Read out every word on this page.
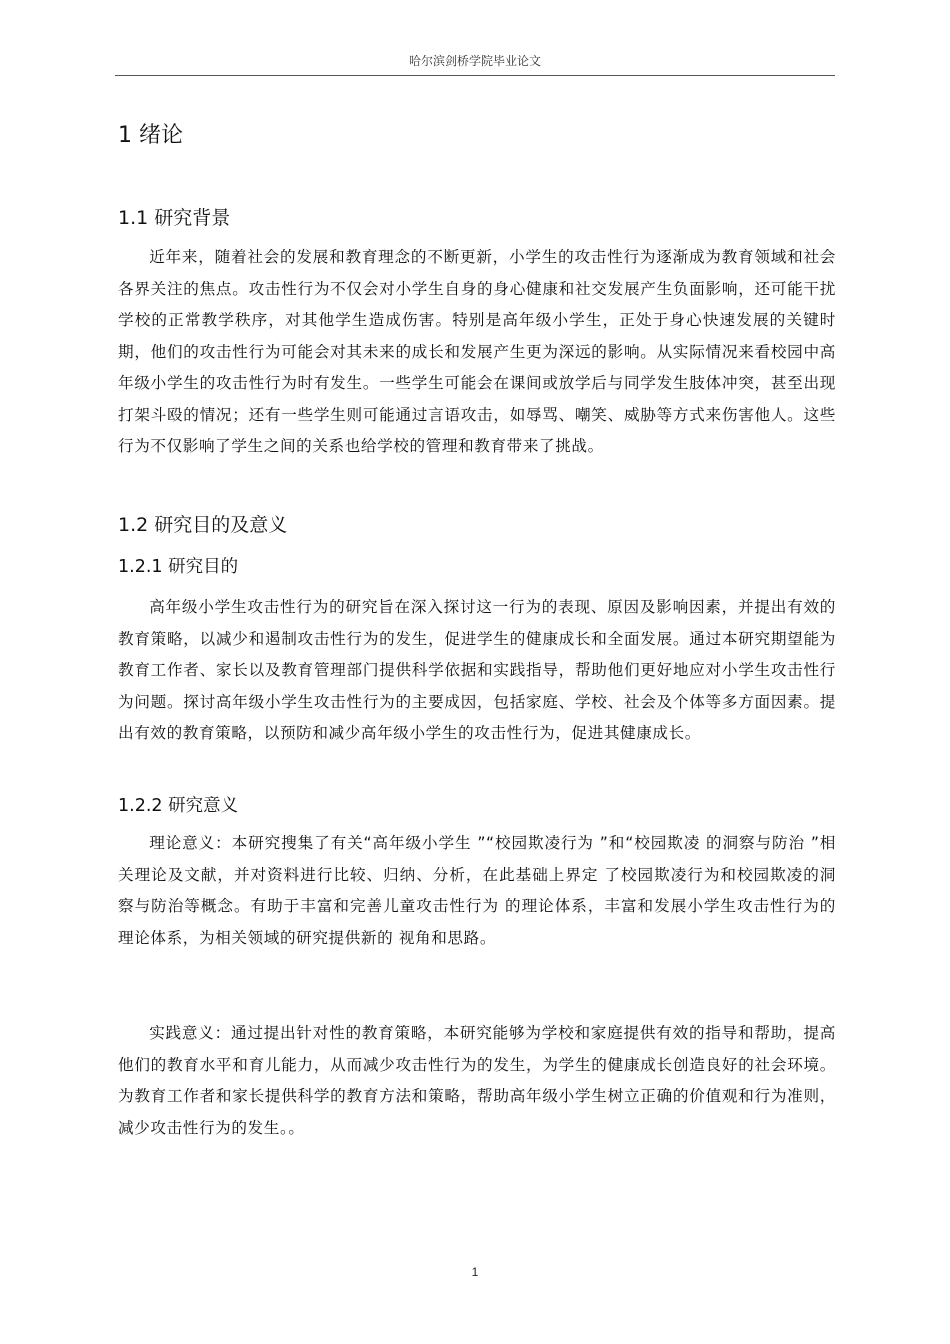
哈尔滨剑桥学院毕业论文
1 绪论
1.1 研究背景

近年来，随着社会的发展和教育理念的不断更新，小学生的攻击性行为逐渐成为教育领域和社会各界关注的焦点。攻击性行为不仅会对小学生自身的身心健康和社交发展产生负面影响，还可能干扰学校的正常教学秩序，对其他学生造成伤害。特别是高年级小学生，正处于身心快速发展的关键时期，他们的攻击性行为可能会对其未来的成长和发展产生更为深远的影响。从实际情况来看校园中高年级小学生的攻击性行为时有发生。一些学生可能会在课间或放学后与同学发生肢体冲突，甚至出现打架斗殴的情况；还有一些学生则可能通过言语攻击，如辱骂、嘲笑、威胁等方式来伤害他人。这些行为不仅影响了学生之间的关系也给学校的管理和教育带来了挑战。

1.2 研究目的及意义
1.2.1 研究目的

高年级小学生攻击性行为的研究旨在深入探讨这一行为的表现、原因及影响因素，并提出有效的教育策略，以减少和遏制攻击性行为的发生，促进学生的健康成长和全面发展。通过本研究期望能为教育工作者、家长以及教育管理部门提供科学依据和实践指导，帮助他们更好地应对小学生攻击性行为问题。探讨高年级小学生攻击性行为的主要成因，包括家庭、学校、社会及个体等多方面因素。提出有效的教育策略，以预防和减少高年级小学生的攻击性行为，促进其健康成长。

1.2.2 研究意义

理论意义：本研究搜集了有关“高年级小学生 ”“校园欺凌行为 ”和“校园欺凌 的洞察与防治 ”相关理论及文献，并对资料进行比较、归纳、分析，在此基础上界定 了校园欺凌行为和校园欺凌的洞察与防治等概念。有助于丰富和完善儿童攻击性行为 的理论体系，丰富和发展小学生攻击性行为的理论体系，为相关领域的研究提供新的 视角和思路。

实践意义：通过提出针对性的教育策略，本研究能够为学校和家庭提供有效的指导和帮助，提高他们的教育水平和育儿能力，从而减少攻击性行为的发生，为学生的健康成长创造良好的社会环境。为教育工作者和家长提供科学的教育方法和策略，帮助高年级小学生树立正确的价值观和行为准则，减少攻击性行为的发生。。

1
